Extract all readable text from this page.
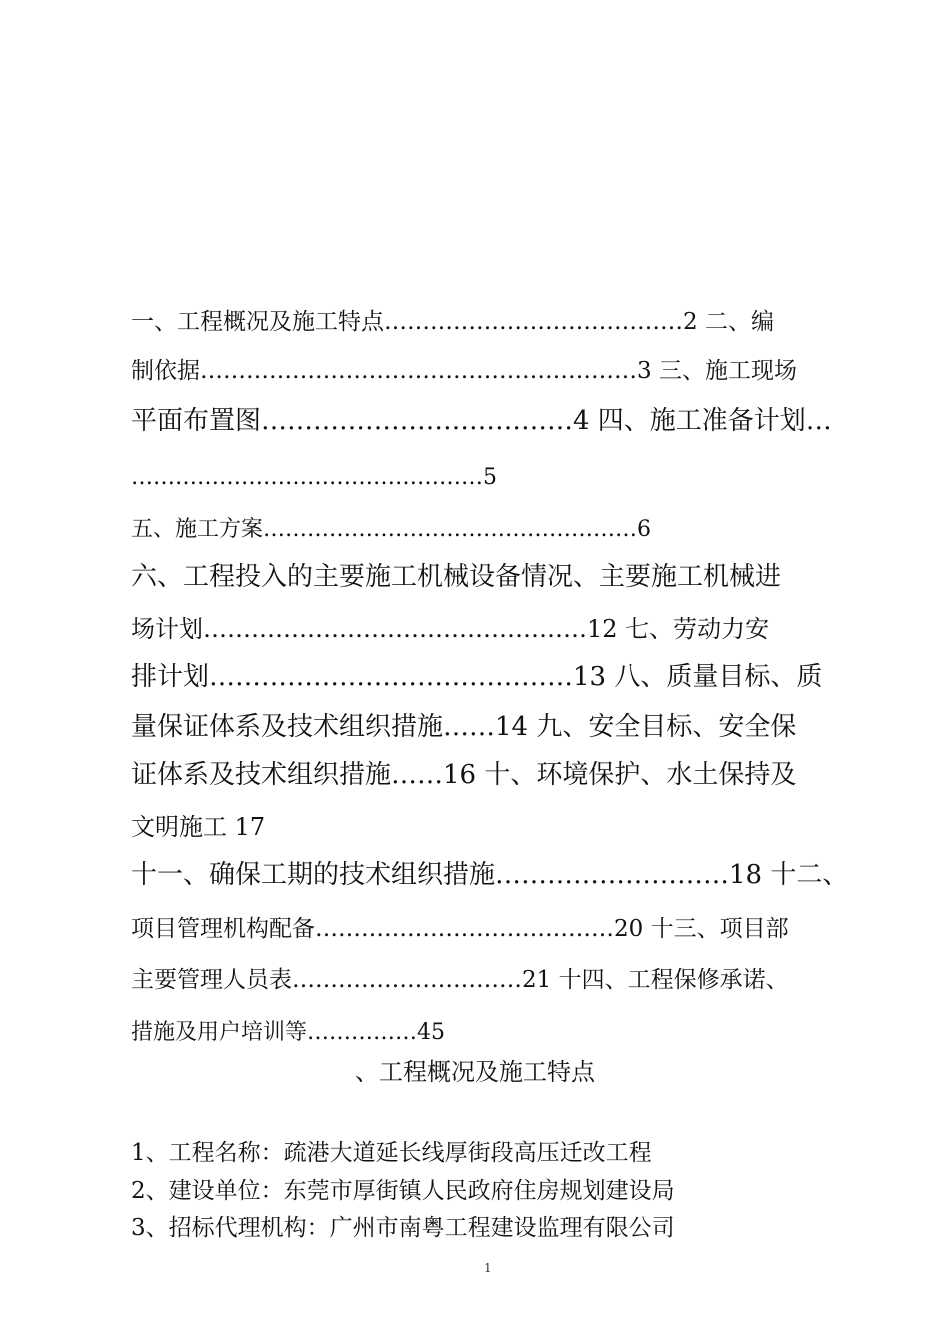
一、工程概况及施工特点…………………………………2 二、编
制依据…………………………………………………3 三、施工现场
平面布置图………………………………4 四、施工准备计划…
…………………………………………5
五、施工方案……………………………………………6
六、工程投入的主要施工机械设备情况、主要施工机械进
场计划…………………………………………12 七、劳动力安
排计划……………………………………13 八、质量目标、质
量保证体系及技术组织措施……14 九、安全目标、安全保
证体系及技术组织措施……16 十、环境保护、水土保持及
文明施工 17
十一、确保工期的技术组织措施………………………18 十二、
项目管理机构配备…………………………………20 十三、项目部
主要管理人员表…………………………21 十四、工程保修承诺、
措施及用户培训等……………45
、工程概况及施工特点
1、工程名称：疏港大道延长线厚街段高压迁改工程
2、建设单位：东莞市厚街镇人民政府住房规划建设局
3、招标代理机构：广州市南粤工程建设监理有限公司
1
